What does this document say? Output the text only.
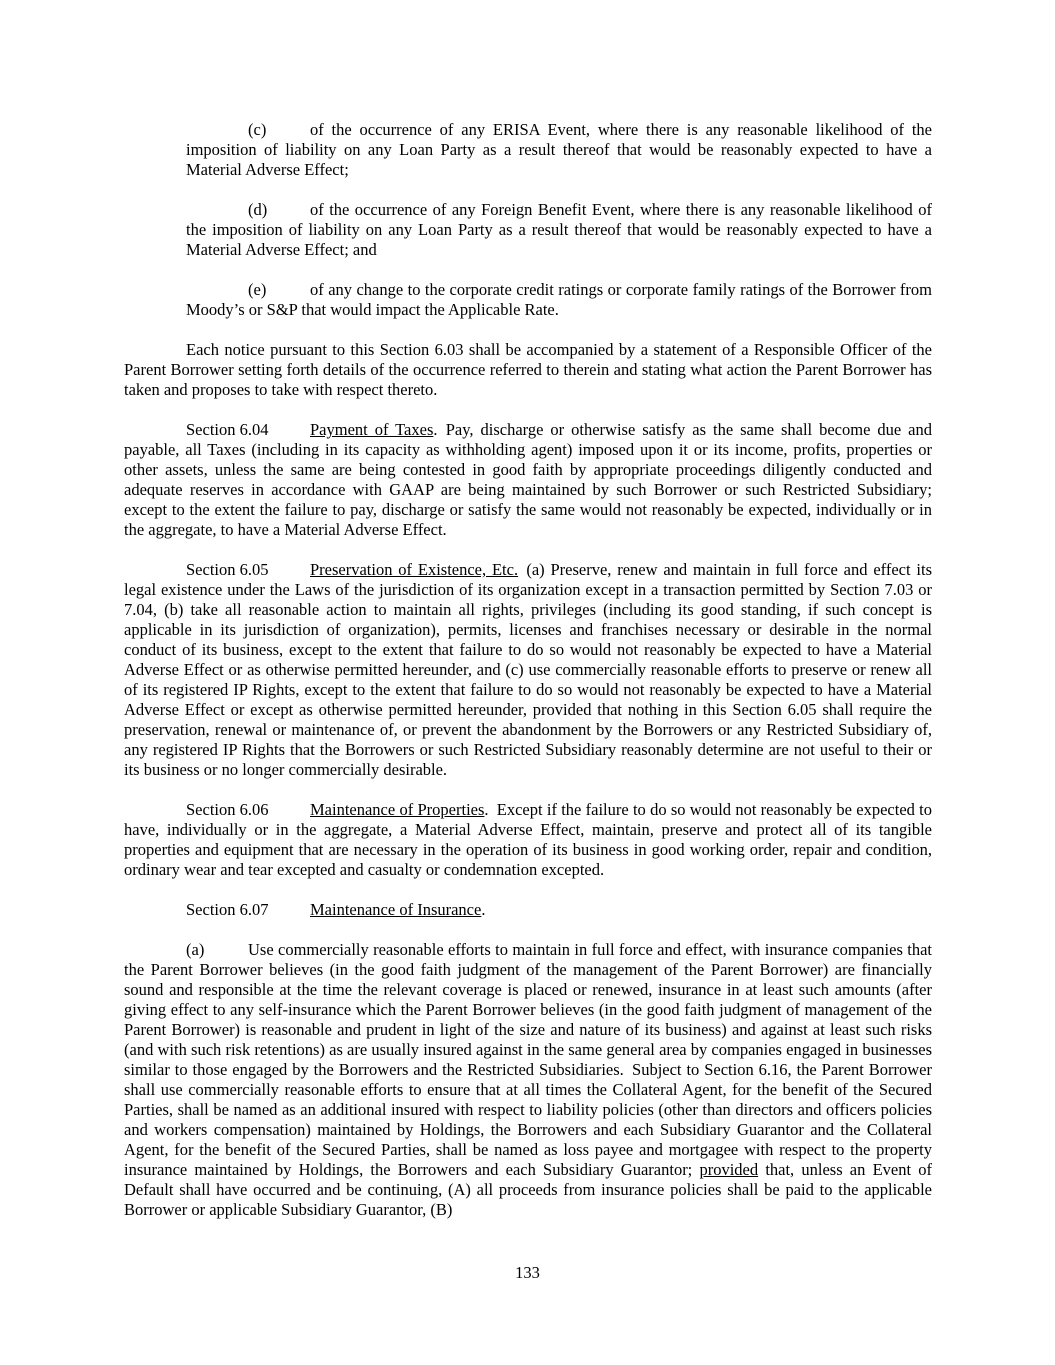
(c)	of the occurrence of any ERISA Event, where there is any reasonable likelihood of the imposition of liability on any Loan Party as a result thereof that would be reasonably expected to have a Material Adverse Effect;

(d)	of the occurrence of any Foreign Benefit Event, where there is any reasonable likelihood of the imposition of liability on any Loan Party as a result thereof that would be reasonably expected to have a Material Adverse Effect; and

(e)	of any change to the corporate credit ratings or corporate family ratings of the Borrower from Moody’s or S&P that would impact the Applicable Rate.

Each notice pursuant to this Section 6.03 shall be accompanied by a statement of a Responsible Officer of the Parent Borrower setting forth details of the occurrence referred to therein and stating what action the Parent Borrower has taken and proposes to take with respect thereto.

Section 6.04	Payment of Taxes. Pay, discharge or otherwise satisfy as the same shall become due and payable, all Taxes (including in its capacity as withholding agent) imposed upon it or its income, profits, properties or other assets, unless the same are being contested in good faith by appropriate proceedings diligently conducted and adequate reserves in accordance with GAAP are being maintained by such Borrower or such Restricted Subsidiary; except to the extent the failure to pay, discharge or satisfy the same would not reasonably be expected, individually or in the aggregate, to have a Material Adverse Effect.

Section 6.05	Preservation of Existence, Etc. (a) Preserve, renew and maintain in full force and effect its legal existence under the Laws of the jurisdiction of its organization except in a transaction permitted by Section 7.03 or 7.04, (b) take all reasonable action to maintain all rights, privileges (including its good standing, if such concept is applicable in its jurisdiction of organization), permits, licenses and franchises necessary or desirable in the normal conduct of its business, except to the extent that failure to do so would not reasonably be expected to have a Material Adverse Effect or as otherwise permitted hereunder, and (c) use commercially reasonable efforts to preserve or renew all of its registered IP Rights, except to the extent that failure to do so would not reasonably be expected to have a Material Adverse Effect or except as otherwise permitted hereunder, provided that nothing in this Section 6.05 shall require the preservation, renewal or maintenance of, or prevent the abandonment by the Borrowers or any Restricted Subsidiary of, any registered IP Rights that the Borrowers or such Restricted Subsidiary reasonably determine are not useful to their or its business or no longer commercially desirable.

Section 6.06	Maintenance of Properties. Except if the failure to do so would not reasonably be expected to have, individually or in the aggregate, a Material Adverse Effect, maintain, preserve and protect all of its tangible properties and equipment that are necessary in the operation of its business in good working order, repair and condition, ordinary wear and tear excepted and casualty or condemnation excepted.

Section 6.07	Maintenance of Insurance.

(a)	Use commercially reasonable efforts to maintain in full force and effect, with insurance companies that the Parent Borrower believes (in the good faith judgment of the management of the Parent Borrower) are financially sound and responsible at the time the relevant coverage is placed or renewed, insurance in at least such amounts (after giving effect to any self-insurance which the Parent Borrower believes (in the good faith judgment of management of the Parent Borrower) is reasonable and prudent in light of the size and nature of its business) and against at least such risks (and with such risk retentions) as are usually insured against in the same general area by companies engaged in businesses similar to those engaged by the Borrowers and the Restricted Subsidiaries. Subject to Section 6.16, the Parent Borrower shall use commercially reasonable efforts to ensure that at all times the Collateral Agent, for the benefit of the Secured Parties, shall be named as an additional insured with respect to liability policies (other than directors and officers policies and workers compensation) maintained by Holdings, the Borrowers and each Subsidiary Guarantor and the Collateral Agent, for the benefit of the Secured Parties, shall be named as loss payee and mortgagee with respect to the property insurance maintained by Holdings, the Borrowers and each Subsidiary Guarantor; provided that, unless an Event of Default shall have occurred and be continuing, (A) all proceeds from insurance policies shall be paid to the applicable Borrower or applicable Subsidiary Guarantor, (B)

133
